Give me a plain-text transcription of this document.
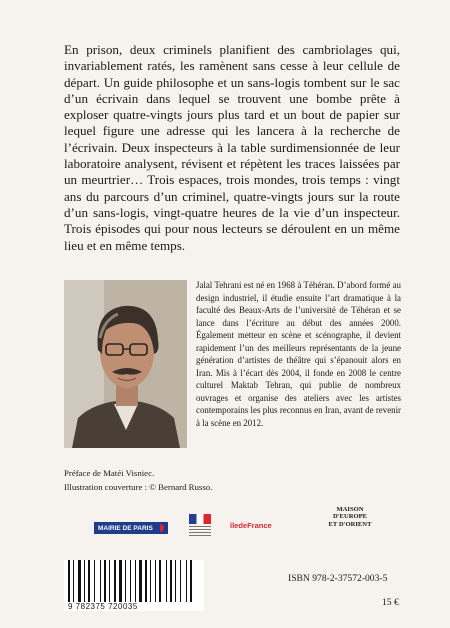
En prison, deux criminels planifient des cambriolages qui, invariablement ratés, les ramènent sans cesse à leur cellule de départ. Un guide philosophe et un sans-logis tombent sur le sac d’un écrivain dans lequel se trouvent une bombe prête à exploser quatre-vingts jours plus tard et un bout de papier sur lequel figure une adresse qui les lancera à la recherche de l’écrivain. Deux inspecteurs à la table surdimensionnée de leur laboratoire analysent, révisent et répètent les traces laissées par un meurtrier… Trois espaces, trois mondes, trois temps : vingt ans du parcours d’un criminel, quatre-vingts jours sur la route d’un sans-logis, vingt-quatre heures de la vie d’un inspecteur. Trois épisodes qui pour nous lecteurs se déroulent en un même lieu et en même temps.

Jalal Tehrani est né en 1968 à Téhéran. D’abord formé au design industriel, il étudie ensuite l’art dramatique à la faculté des Beaux-Arts de l’université de Téhéran et se lance dans l’écriture au début des années 2000. Également metteur en scène et scénographe, il devient rapidement l’un des meilleurs représentants de la jeune génération d’artistes de théâtre qui s’épanouit alors en Iran. Mis à l’écart dès 2004, il fonde en 2008 le centre culturel Maktab Tehran, qui publie de nombreux ouvrages et organise des ateliers avec les artistes contemporains les plus reconnus en Iran, avant de revenir à la scène en 2012.
Préface de Matéi Visniec.
Illustration couverture : © Bernard Russo.
MAIRIE DE PARIS	îledeFrance
MAISON
D'EUROPE
ET D'ORIENT
9 782375 720035
ISBN 978-2-37572-003-5
15 €
